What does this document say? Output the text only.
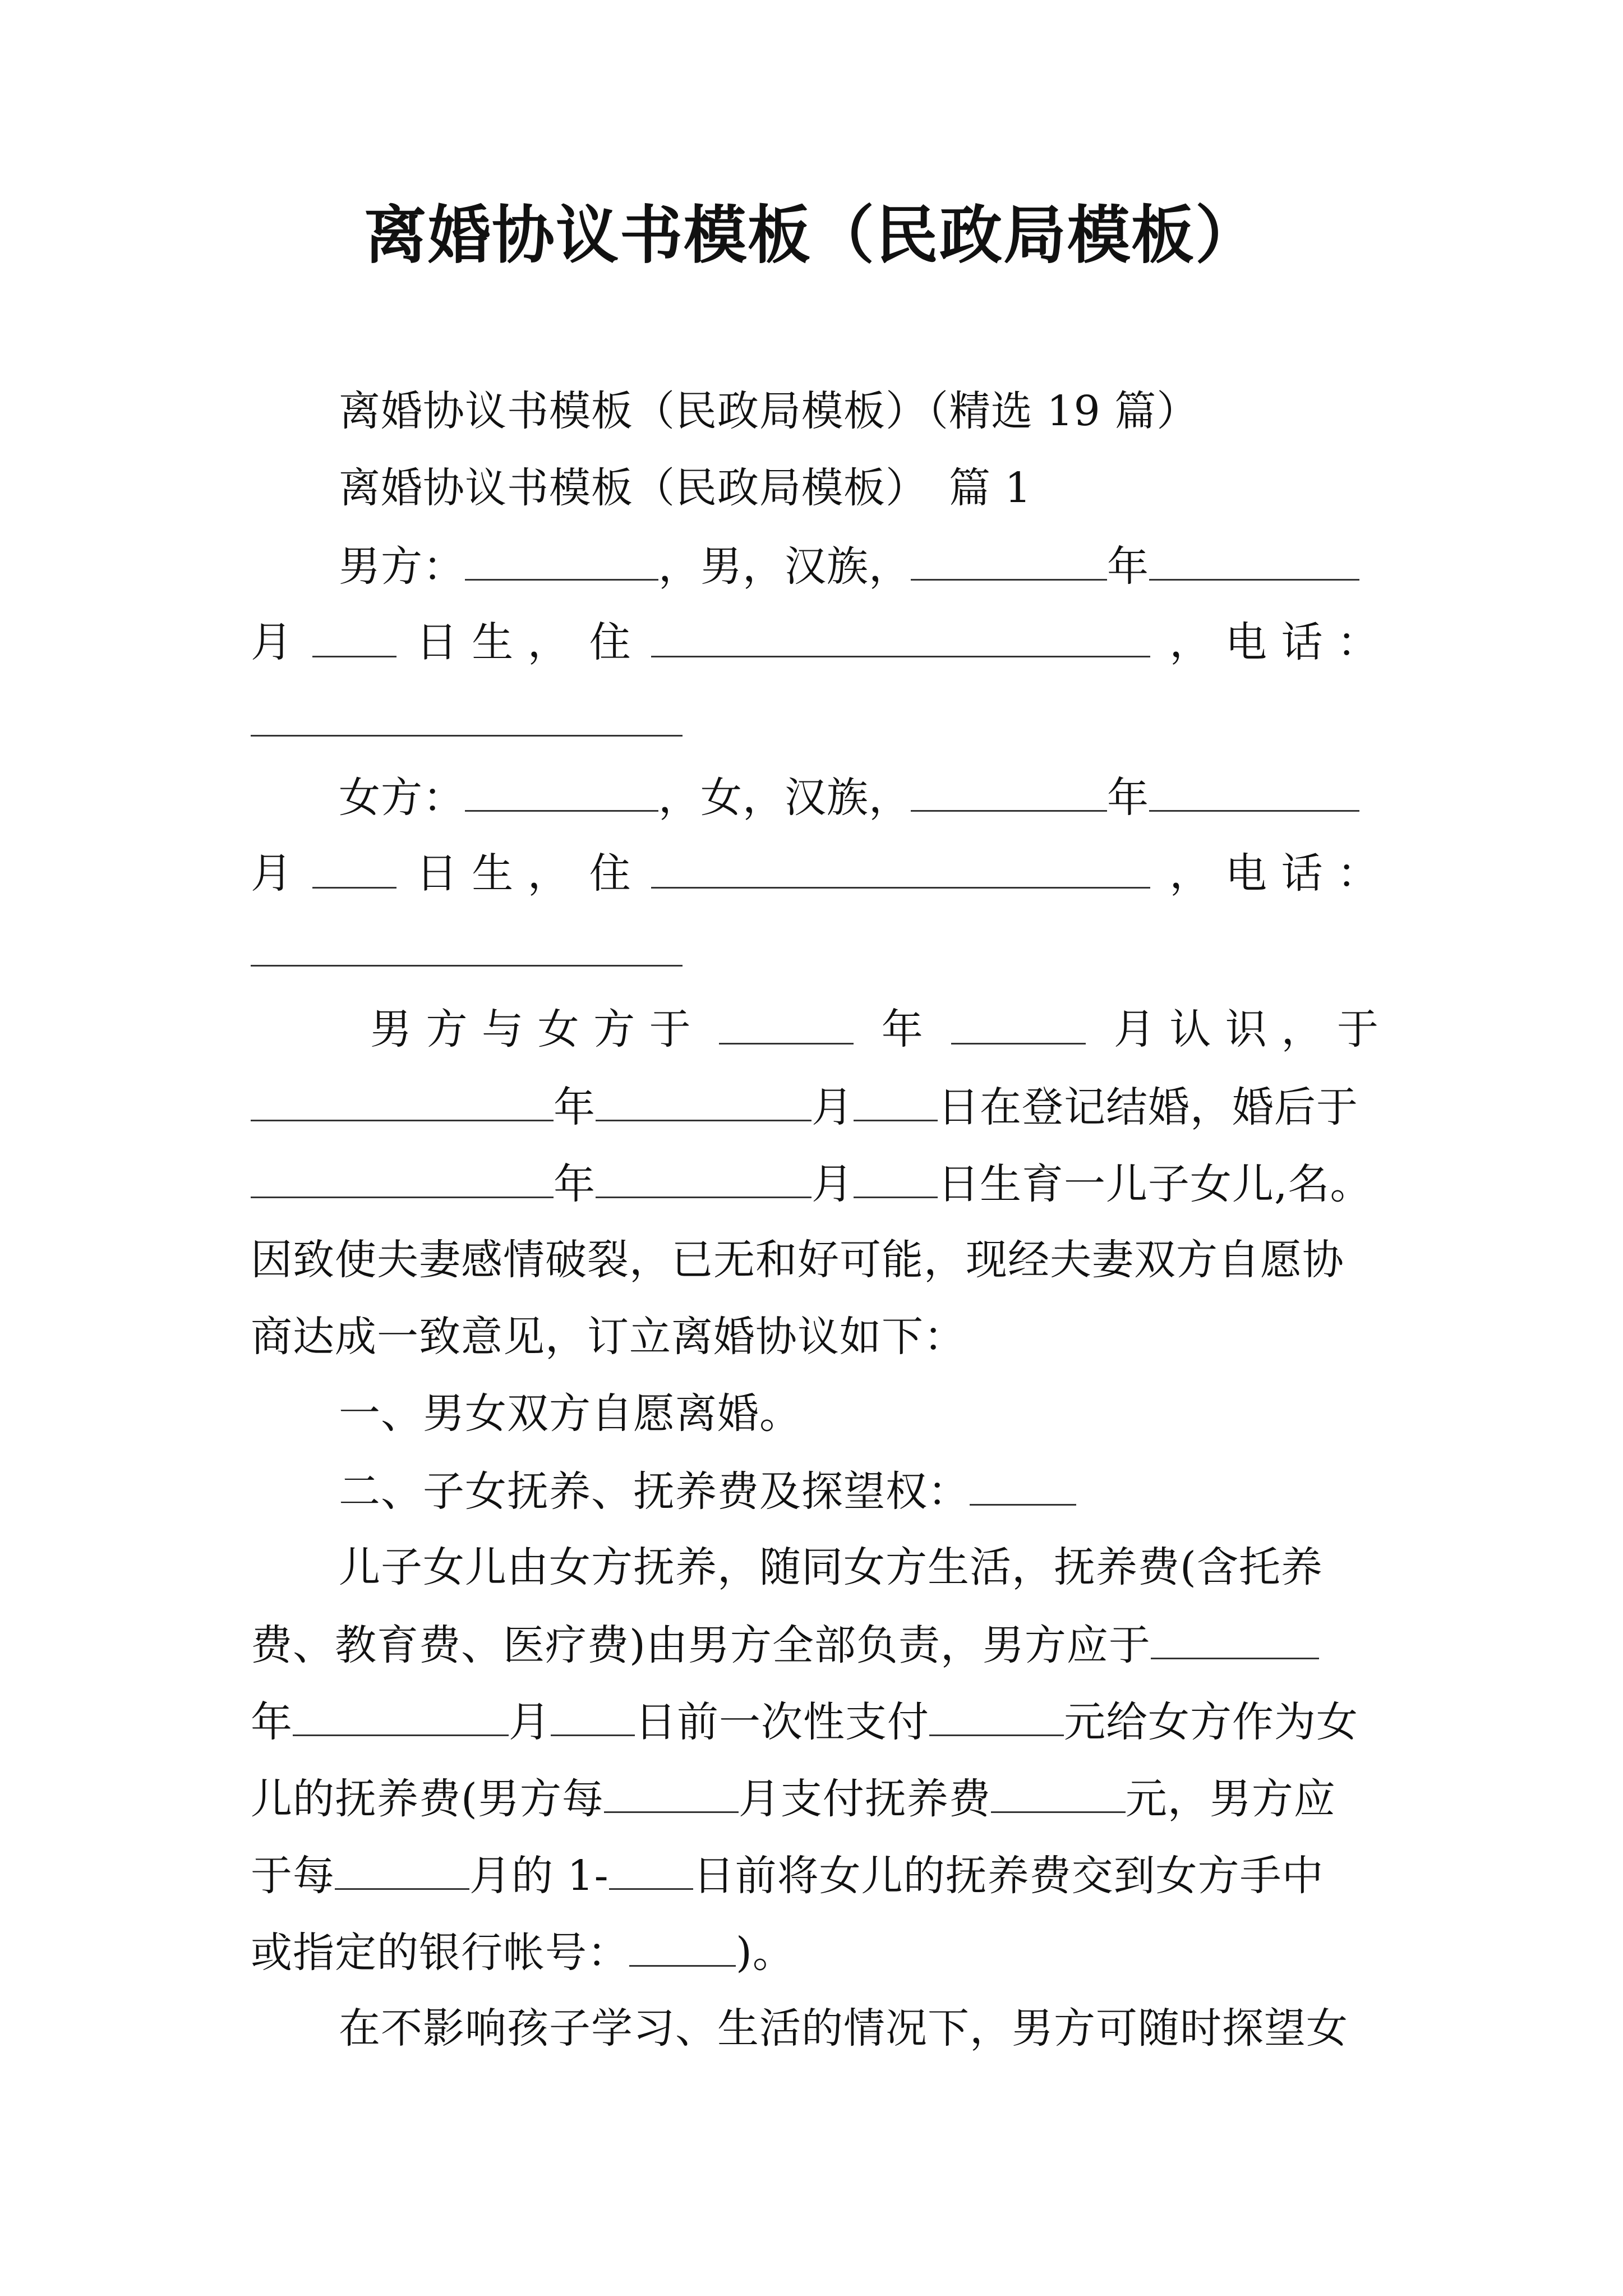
离婚协议书模板（民政局模板）
离婚协议书模板（民政局模板）（精选 19 篇）
离婚协议书模板（民政局模板）　篇 1
男方：	，男，汉族，	年
月	日 生 ， 住	， 电 话 ：
女方：	，女，汉族，	年
月	日 生 ， 住	， 电 话 ：
男 方 与 女 方 于	年	月 认 识 ， 于
年	月 日在登记结婚，婚后于
年	月 日生育一儿子女儿,名。
因致使夫妻感情破裂，已无和好可能，现经夫妻双方自愿协
商达成一致意见，订立离婚协议如下：
一、男女双方自愿离婚。
二、子女抚养、抚养费及探望权：
儿子女儿由女方抚养，随同女方生活，抚养费(含托养
费、教育费、医疗费)由男方全部负责，男方应于
年	月 日前一次性支付	元给女方作为女
儿的抚养费(男方每	月支付抚养费	元，男方应
于每	月的 1- 日前将女儿的抚养费交到女方手中
或指定的银行帐号：	)。
在不影响孩子学习、生活的情况下，男方可随时探望女
